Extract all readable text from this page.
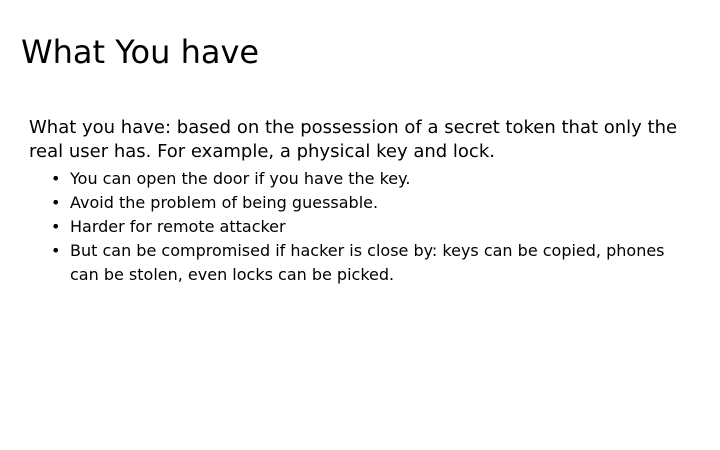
What You have

What you have: based on the possession of a secret token that only the real user has. For example, a physical key and lock.

• You can open the door if you have the key.
• Avoid the problem of being guessable.
• Harder for remote attacker
• But can be compromised if hacker is close by: keys can be copied, phones can be stolen, even locks can be picked.
